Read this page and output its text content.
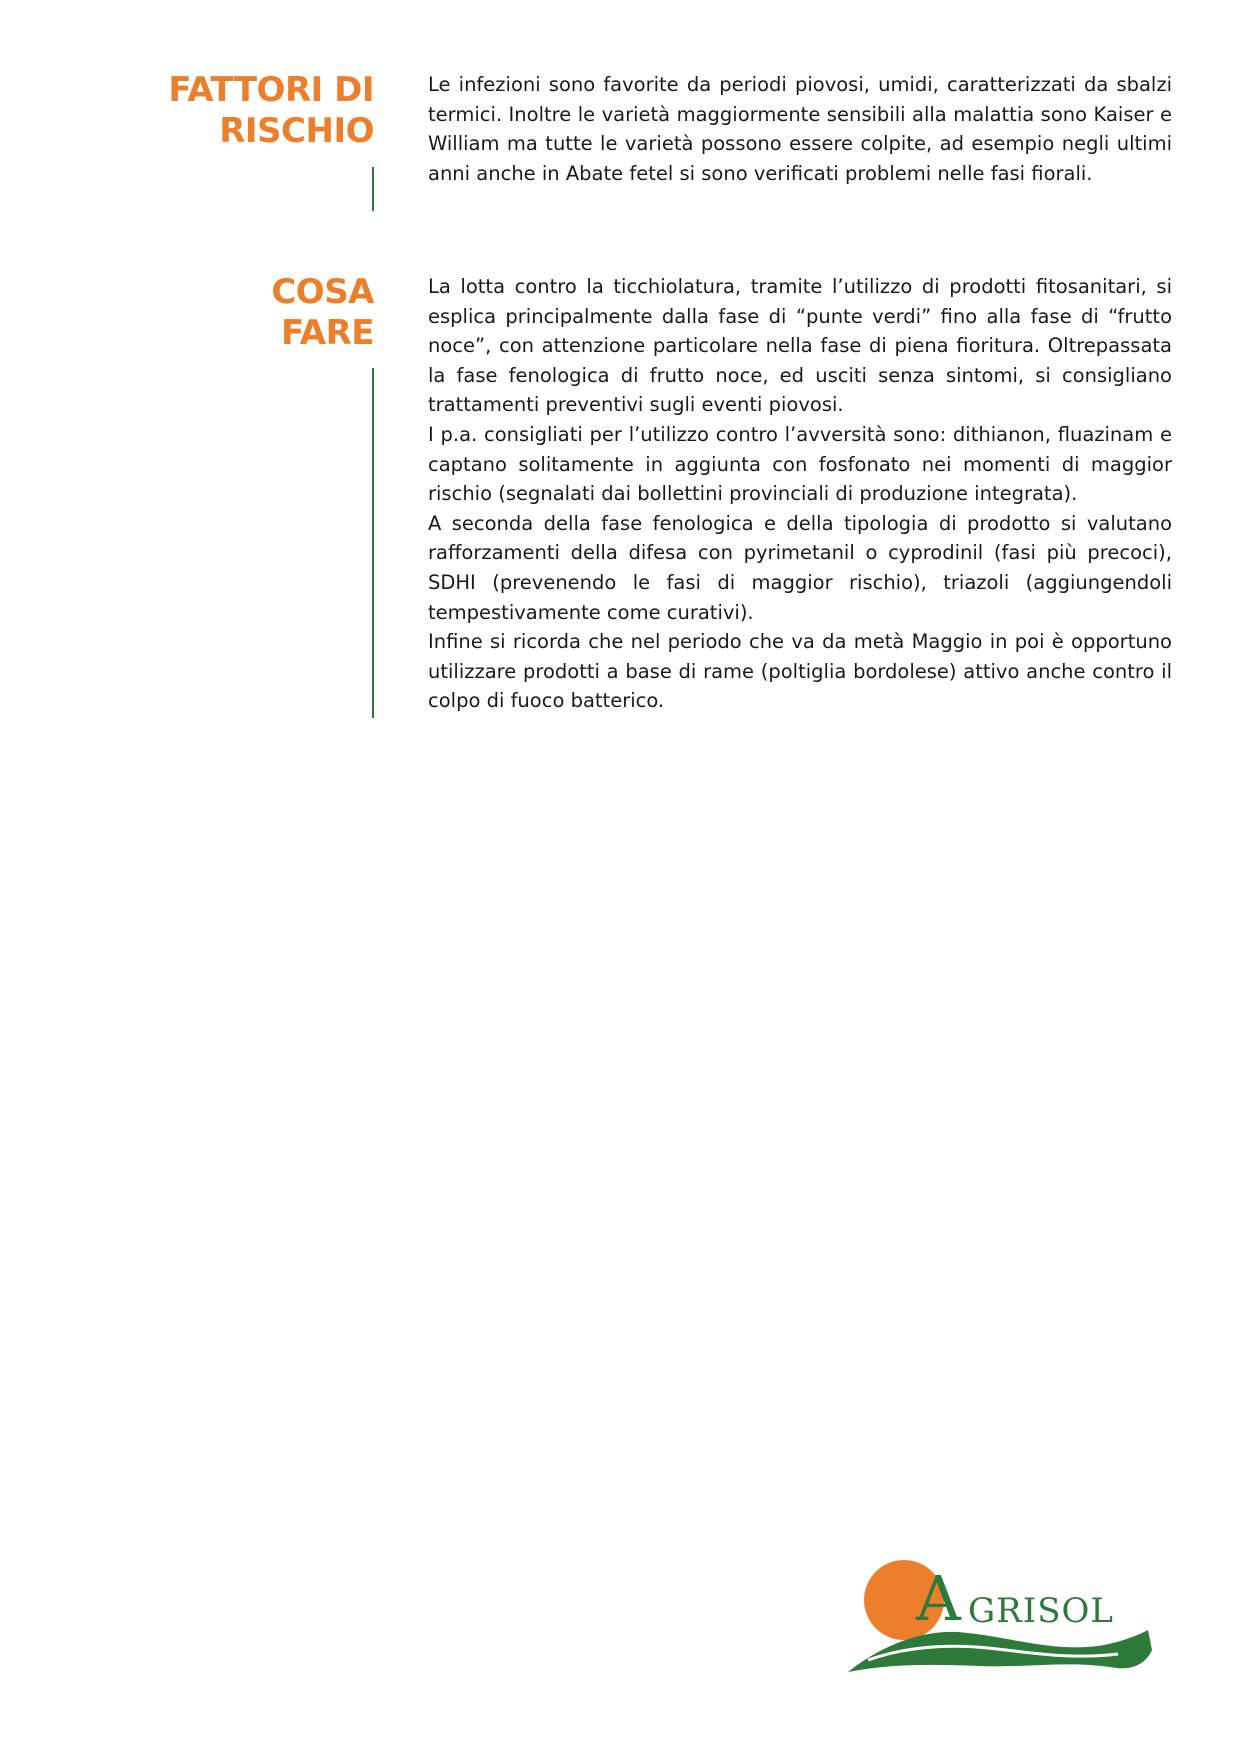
FATTORI DI
RISCHIO

Le infezioni sono favorite da periodi piovosi, umidi, caratterizzati da sbalzi termici. Inoltre le varietà maggiormente sensibili alla malattia sono Kaiser e William ma tutte le varietà possono essere colpite, ad esempio negli ultimi anni anche in Abate fetel si sono verificati problemi nelle fasi fiorali.

COSA
FARE

La lotta contro la ticchiolatura, tramite l’utilizzo di prodotti fitosanitari, si esplica principalmente dalla fase di “punte verdi” fino alla fase di “frutto noce”, con attenzione particolare nella fase di piena fioritura. Oltrepassata la fase fenologica di frutto noce, ed usciti senza sintomi, si consigliano trattamenti preventivi sugli eventi piovosi.
I p.a. consigliati per l’utilizzo contro l’avversità sono: dithianon, fluazinam e captano solitamente in aggiunta con fosfonato nei momenti di maggior rischio (segnalati dai bollettini provinciali di produzione integrata).
A seconda della fase fenologica e della tipologia di prodotto si valutano rafforzamenti della difesa con pyrimetanil o cyprodinil (fasi più precoci), SDHI (prevenendo le fasi di maggior rischio), triazoli (aggiungendoli tempestivamente come curativi).
Infine si ricorda che nel periodo che va da metà Maggio in poi è opportuno utilizzare prodotti a base di rame (poltiglia bordolese) attivo anche contro il colpo di fuoco batterico.

A GRISOL
